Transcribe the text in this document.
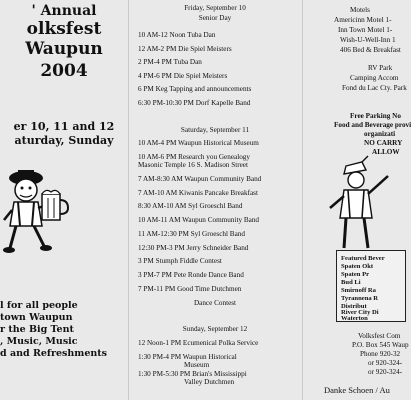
' Annual
olksfest
Waupun
2004
er 10, 11 and 12
aturday, Sunday
l for all people
town Waupun
r the Big Tent
, Music, Music
d and Refreshments
Friday, September 10
Senior Day
10 AM-12 Noon Tuba Dan
12 AM-2 PM Die Spiel Meisters
2 PM-4 PM Tuba Dan
4 PM-6 PM Die Spiel Meisters
6 PM Keg Tapping and announcements
6:30 PM-10:30 PM Dorf Kapelle Band
Saturday, September 11
10 AM-4 PM Waupun Historical Museum
10 AM-6 PM Research you Genealogy
Masonic Temple 16 S. Madison Street
7 AM-8:30 AM Waupun Community Band
7 AM-10 AM Kiwanis Pancake Breakfast
8:30 AM-10 AM Syl Groeschl Band
10 AM-11 AM Waupun Community Band
11 AM-12:30 PM Syl Groeschl Band
12:30 PM-3 PM Jerry Schneider Band
3 PM Stumph Fiddle Contest
3 PM-7 PM Pete Ronde Dance Band
7 PM-11 PM Good Time Dutchmen
Dance Contest
Sunday, September 12
12 Noon-1 PM Ecumenical Polka Service
1:30 PM-4 PM Waupun Historical
Museum
1:30 PM-5:30 PM Brian's Mississippi
Valley Dutchmen
Motels
Americinn Motel 1-
Inn Town Motel 1-
Wish-U-Well-Inn 1
406 Bed & Breakfast
RV Park
Camping Accom
Fond du Lac Cty. Park
Free Parking No
Food and Beverage provi
organizati
NO CARRY
ALLOW
Featured Bever
Spaten Okt
Spaten Pr
Bud Li
Smirnoff Ra
Tyrannena R
Distribut
River City Di
Waterton
Volksfest Com
P.O. Box 545 Waup
Phone 920-32
or 920-324-
or 920-324-
Danke Schoen / Au
